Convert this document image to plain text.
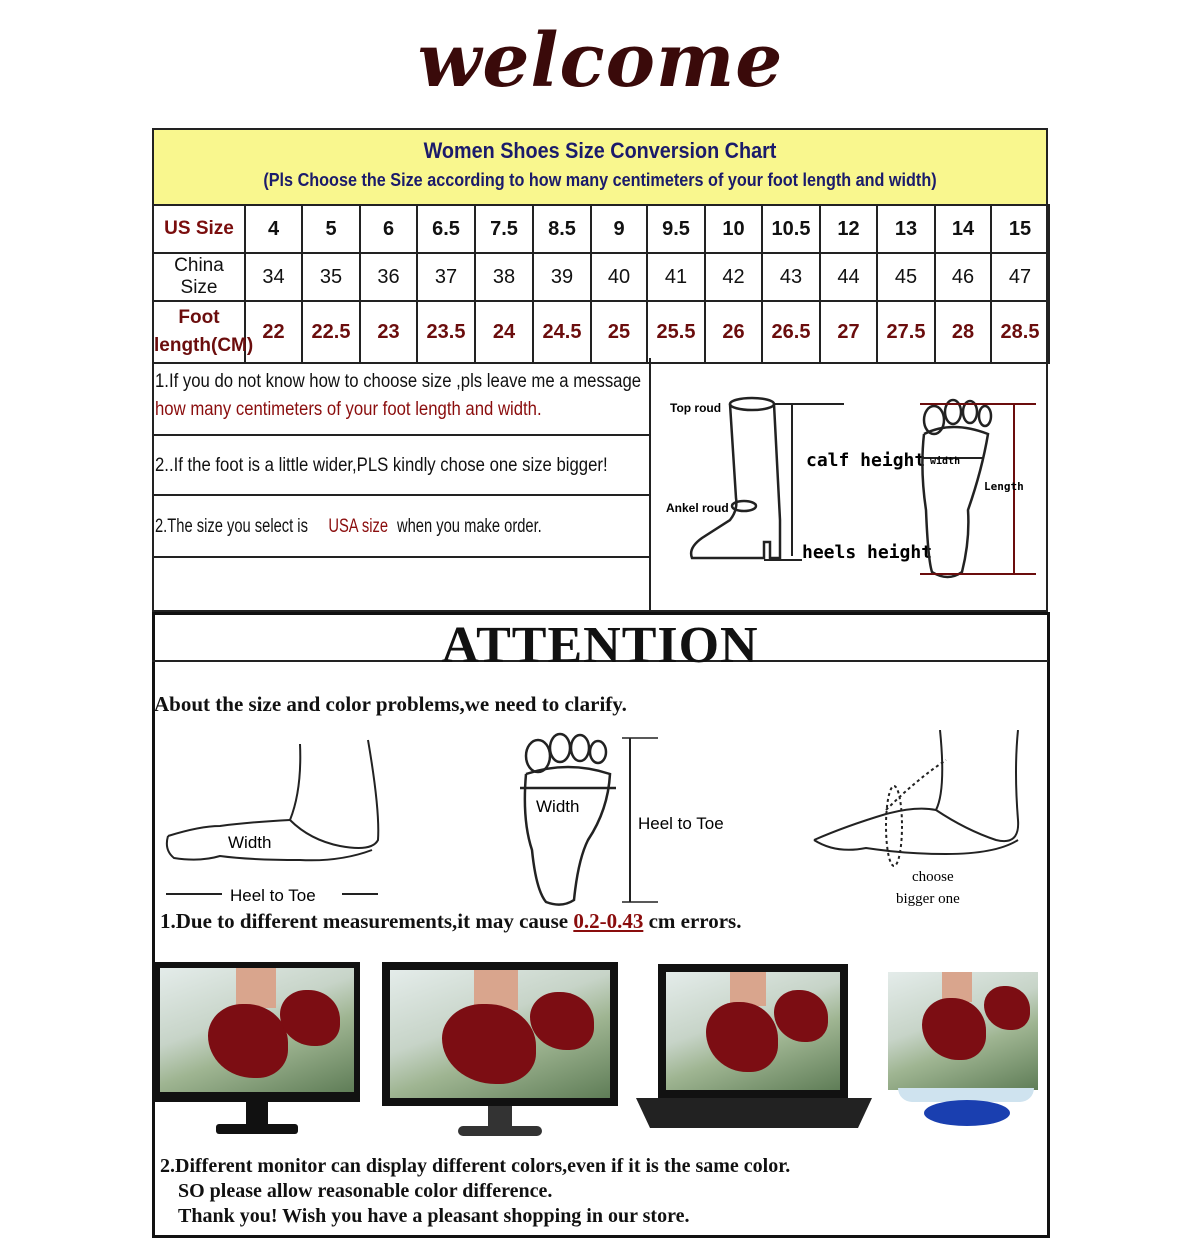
welcome
Women Shoes Size Conversion Chart
(Pls Choose the Size according to how many centimeters of your foot length and width)
US Size	4	5	6	6.5	7.5	8.5	9	9.5	10	10.5	12	13	14	15
China Size	34	35	36	37	38	39	40	41	42	43	44	45	46	47

Foot
length(CM)	22	22.5	23	23.5	24	24.5	25	25.5	26	26.5	27	27.5	28	28.5
1.If you do not know how to choose size ,pls leave me a message
how many centimeters of your foot length and width.
2..If the foot is a little wider,PLS kindly chose one size bigger!
2.The size you select isUSA sizewhen you make order.
Top roud
Ankel roud
calf height
heels height
width
Length
ATTENTION
About the size and color problems,we need to clarify.
Width
Heel to Toe
Width
Heel to Toe
choose
bigger one
1.Due to different measurements,it may cause 0.2-0.43 cm errors.
2.Different monitor can display different colors,even if it is the same color.
SO please allow reasonable color difference.
Thank you! Wish you have a pleasant shopping in our store.
